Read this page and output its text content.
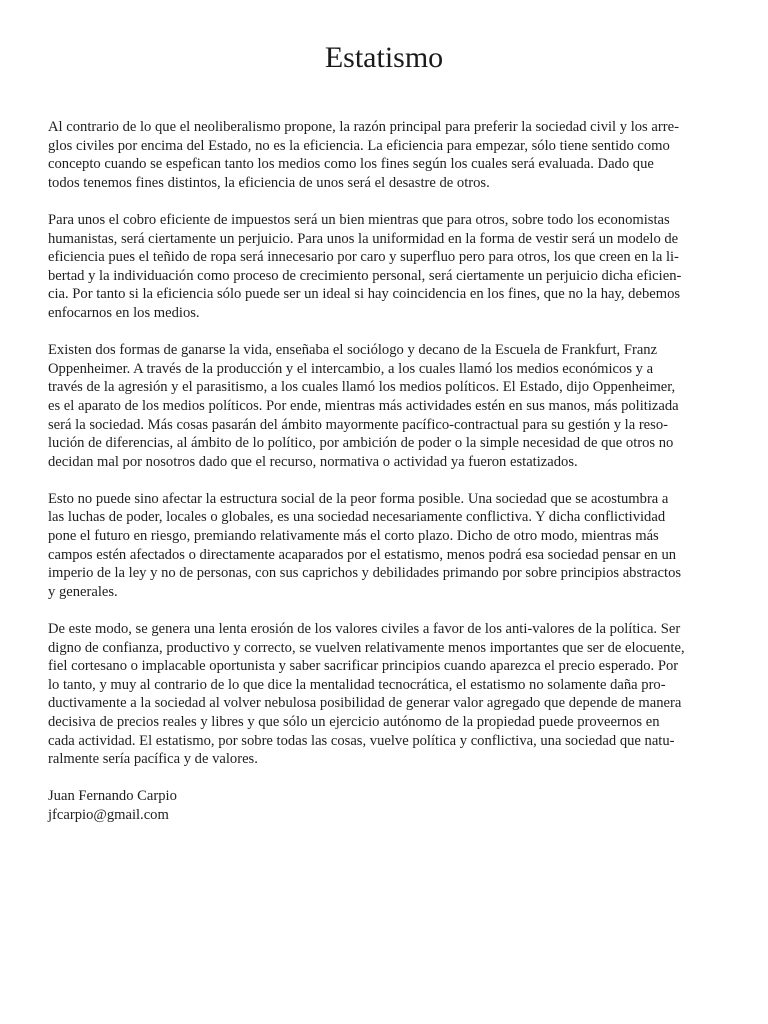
Estatismo
Al contrario de lo que el neoliberalismo propone, la razón principal para preferir la sociedad civil y los arre-
glos civiles por encima del Estado, no es la eficiencia. La eficiencia para empezar, sólo tiene sentido como
concepto cuando se espefican tanto los medios como los fines según los cuales será evaluada. Dado que
todos tenemos fines distintos, la eficiencia de unos será el desastre de otros.
Para unos el cobro eficiente de impuestos será un bien mientras que para otros, sobre todo los economistas
humanistas, será ciertamente un perjuicio. Para unos la uniformidad en la forma de vestir será un modelo de
eficiencia pues el teñido de ropa será innecesario por caro y superfluo pero para otros, los que creen en la li-
bertad y la individuación como proceso de crecimiento personal, será ciertamente un perjuicio dicha eficien-
cia. Por tanto si la eficiencia sólo puede ser un ideal si hay coincidencia en los fines, que no la hay, debemos
enfocarnos en los medios.
Existen dos formas de ganarse la vida, enseñaba el sociólogo y decano de la Escuela de Frankfurt, Franz
Oppenheimer. A través de la producción y el intercambio, a los cuales llamó los medios económicos y a
través de la agresión y el parasitismo, a los cuales llamó los medios políticos. El Estado, dijo Oppenheimer,
es el aparato de los medios políticos. Por ende, mientras más actividades estén en sus manos, más politizada
será la sociedad. Más cosas pasarán del ámbito mayormente pacífico-contractual para su gestión y la reso-
lución de diferencias, al ámbito de lo político, por ambición de poder o la simple necesidad de que otros no
decidan mal por nosotros dado que el recurso, normativa o actividad ya fueron estatizados.
Esto no puede sino afectar la estructura social de la peor forma posible. Una sociedad que se acostumbra a
las luchas de poder, locales o globales, es una sociedad necesariamente conflictiva. Y dicha conflictividad
pone el futuro en riesgo, premiando relativamente más el corto plazo. Dicho de otro modo, mientras más
campos estén afectados o directamente acaparados por el estatismo, menos podrá esa sociedad pensar en un
imperio de la ley y no de personas, con sus caprichos y debilidades primando por sobre principios abstractos
y generales.
De este modo, se genera una lenta erosión de los valores civiles a favor de los anti-valores de la política. Ser
digno de confianza, productivo y correcto, se vuelven relativamente menos importantes que ser de elocuente,
fiel cortesano o implacable oportunista y saber sacrificar principios cuando aparezca el precio esperado. Por
lo tanto, y muy al contrario de lo que dice la mentalidad tecnocrática, el estatismo no solamente daña pro-
ductivamente a la sociedad al volver nebulosa posibilidad de generar valor agregado que depende de manera
decisiva de precios reales y libres y que sólo un ejercicio autónomo de la propiedad puede proveernos en
cada actividad. El estatismo, por sobre todas las cosas, vuelve política y conflictiva, una sociedad que natu-
ralmente sería pacífica y de valores.
Juan Fernando Carpio
jfcarpio@gmail.com
